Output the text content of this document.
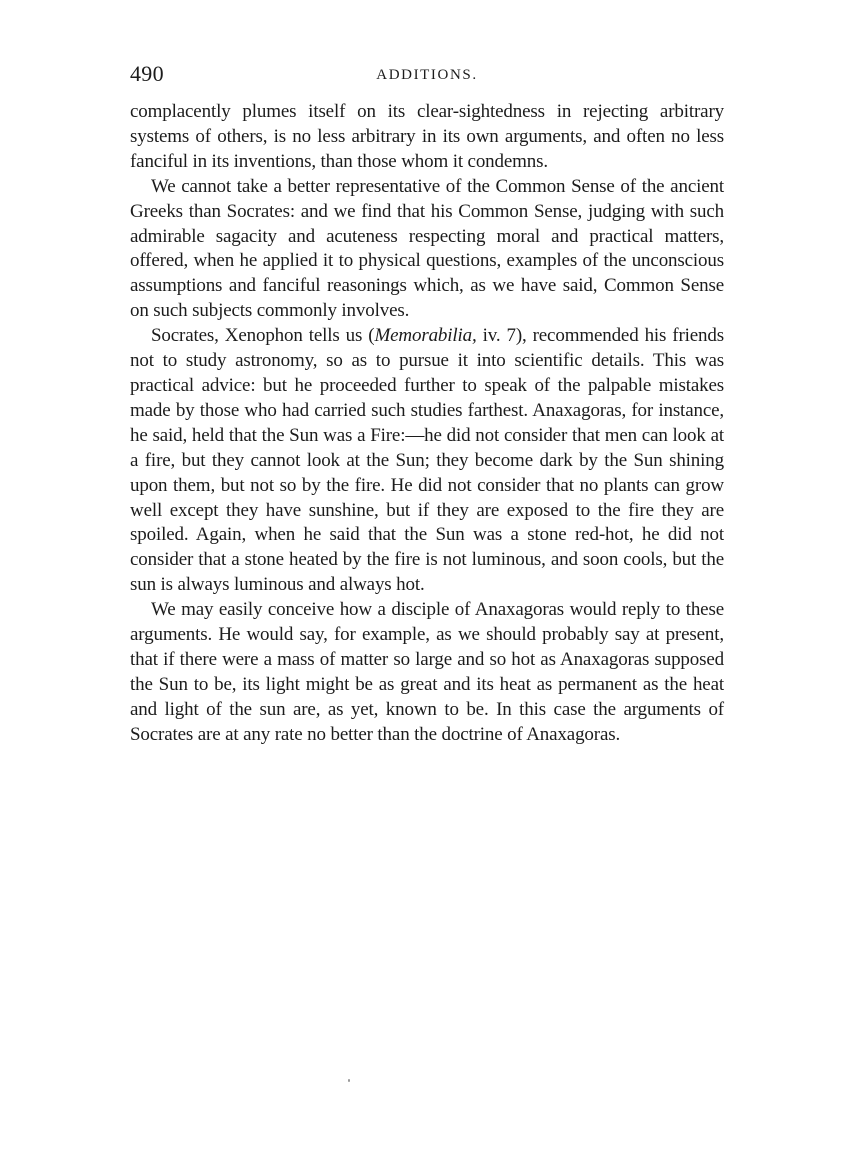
490	ADDITIONS.

complacently plumes itself on its clear-sightedness in rejecting arbitrary systems of others, is no less arbitrary in its own arguments, and often no less fanciful in its inventions, than those whom it condemns.

We cannot take a better representative of the Common Sense of the ancient Greeks than Socrates: and we find that his Common Sense, judging with such admirable sagacity and acuteness respecting moral and practical matters, offered, when he applied it to physical questions, examples of the unconscious assumptions and fanciful reasonings which, as we have said, Common Sense on such subjects commonly involves.

Socrates, Xenophon tells us (Memorabilia, iv. 7), recommended his friends not to study astronomy, so as to pursue it into scientific details. This was practical advice: but he proceeded further to speak of the palpable mistakes made by those who had carried such studies farthest. Anaxagoras, for instance, he said, held that the Sun was a Fire:—he did not consider that men can look at a fire, but they cannot look at the Sun; they become dark by the Sun shining upon them, but not so by the fire. He did not consider that no plants can grow well except they have sunshine, but if they are exposed to the fire they are spoiled. Again, when he said that the Sun was a stone red-hot, he did not consider that a stone heated by the fire is not luminous, and soon cools, but the sun is always luminous and always hot.

We may easily conceive how a disciple of Anaxagoras would reply to these arguments. He would say, for example, as we should probably say at present, that if there were a mass of matter so large and so hot as Anaxagoras supposed the Sun to be, its light might be as great and its heat as permanent as the heat and light of the sun are, as yet, known to be. In this case the arguments of Socrates are at any rate no better than the doctrine of Anaxagoras.
